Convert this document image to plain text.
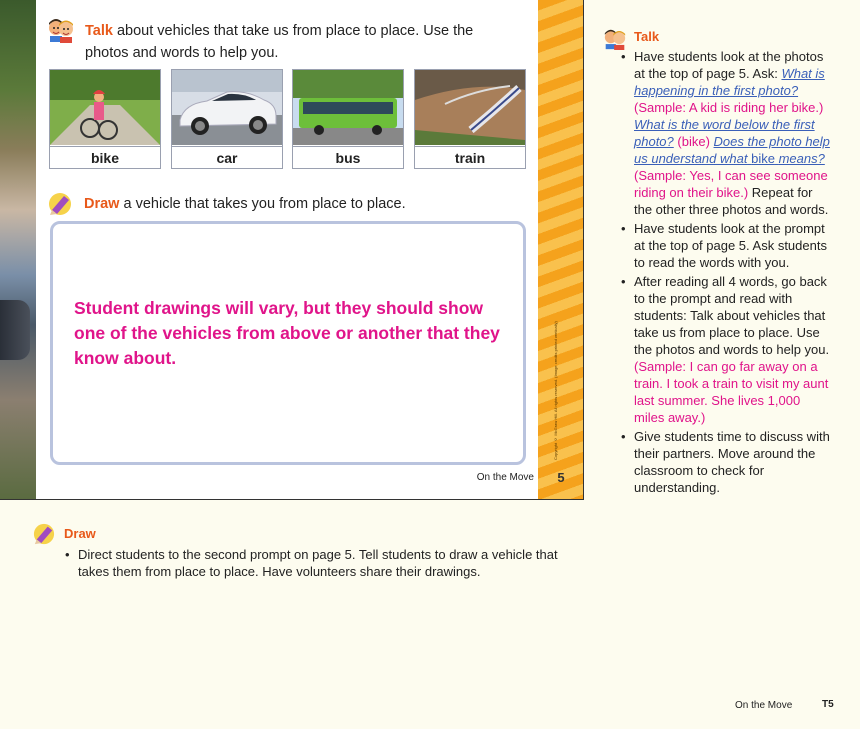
Talk about vehicles that take us from place to place. Use the photos and words to help you.
bike	car	bus	train
Draw a vehicle that takes you from place to place.
Student drawings will vary, but they should show one of the vehicles from above or another that they know about.	Copyright © McGraw Hill. All rights reserved. (Image credits printed vertically)
5
On the Move
Draw
• Direct students to the second prompt on page 5. Tell students to draw a vehicle that takes them from place to place. Have volunteers share their drawings.
Talk
• Have students look at the photos at the top of page 5. Ask: What is happening in the first photo? (Sample: A kid is riding her bike.) What is the word below the first photo? (bike) Does the photo help us understand what bike means? (Sample: Yes, I can see someone riding on their bike.) Repeat for the other three photos and words.
• Have students look at the prompt at the top of page 5. Ask students to read the words with you.
• After reading all 4 words, go back to the prompt and read with students: Talk about vehicles that take us from place to place. Use the photos and words to help you. (Sample: I can go far away on a train. I took a train to visit my aunt last summer. She lives 1,000 miles away.)
• Give students time to discuss with their partners. Move around the classroom to check for understanding.
On the Move	T5
